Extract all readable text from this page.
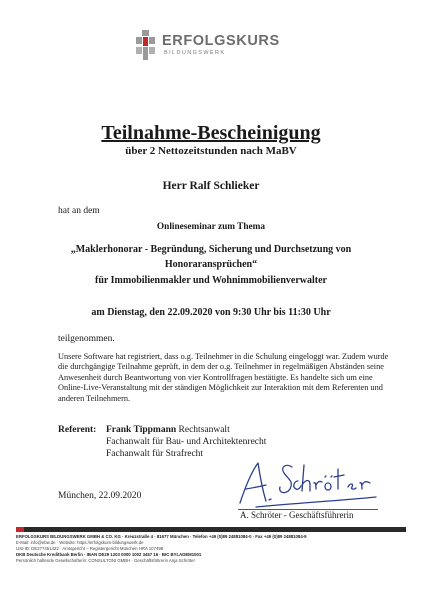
ERFOLGSKURS
BILDUNGSWERK
Teilnahme-Bescheinigung
über 2 Nettozeitstunden nach MaBV
Herr Ralf Schlieker
hat an dem
Onlineseminar zum Thema
„Maklerhonorar - Begründung, Sicherung und Durchsetzung von
Honoraransprüchen“
für Immobilienmakler und Wohnimmobilienverwalter
am Dienstag, den 22.09.2020 von 9:30 Uhr bis 11:30 Uhr
teilgenommen.
Unsere Software hat registriert, dass o.g. Teilnehmer in die Schulung eingeloggt war. Zudem wurde
die durchgängige Teilnahme geprüft, in dem der o.g. Teilnehmer in regelmäßigen Abständen seine
Anwesenheit durch Beantwortung von vier Kontrollfragen bestätigte. Es handelte sich um eine
Online-Live-Veranstaltung mit der ständigen Möglichkeit zur Interaktion mit dem Referenten und
anderen Teilnehmern.
Referent: Frank Tippmann Rechtsanwalt
Fachanwalt für Bau- und Architektenrecht
Fachanwalt für Strafrecht
München, 22.09.2020
A. Schröter - Geschäftsführerin
ERFOLGSKURS BILDUNGSWERK GMBH & CO. KG · Kreuzstraße 4 · 81677 München · Telefon +49 (0)89 24881084-0 · Fax +49 (0)89 24881084-9
E-Mail: info@ebw.de · Website: https://erfolgskurs-bildungswerk.de
USt-ID: DE277451422 · Amtsgericht – Registergericht München HRA 107498
DKB Deutsche Kreditbank Berlin · IBAN DE29 1203 0000 1002 3457 16 · BIC BYLADEM1001
Persönlich haftende Gesellschafterin: CONSULTONI GMBH · Geschäftsführerin Anja Schröter
